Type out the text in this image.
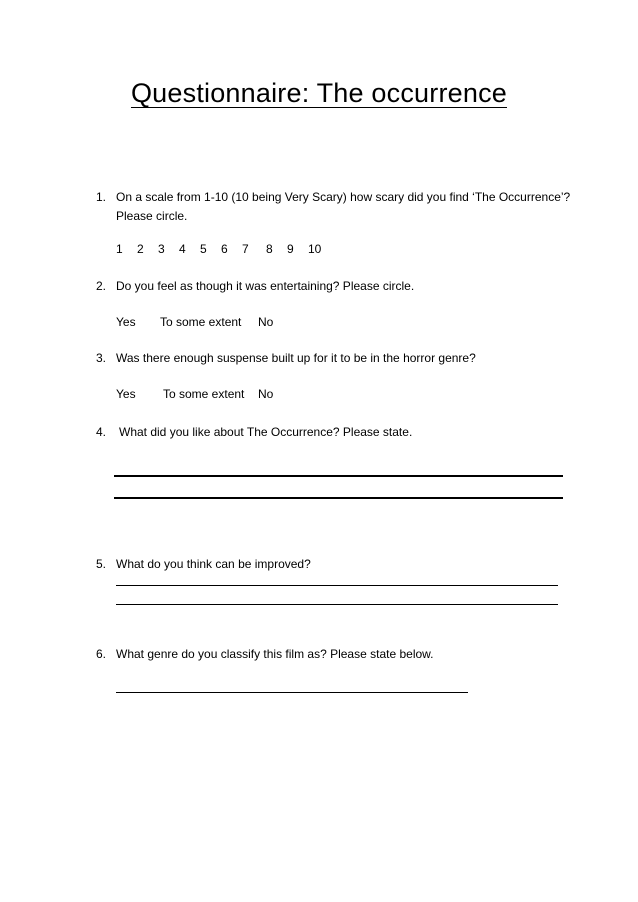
Questionnaire: The occurrence
1. On a scale from 1-10 (10 being Very Scary) how scary did you find ‘The Occurrence’?
Please circle.
1 2 3 4 5 6 7 8 9 10
2. Do you feel as though it was entertaining? Please circle.
Yes To some extent No
3. Was there enough suspense built up for it to be in the horror genre?
Yes To some extent No
4. What did you like about The Occurrence? Please state.
5. What do you think can be improved?
6. What genre do you classify this film as? Please state below.
